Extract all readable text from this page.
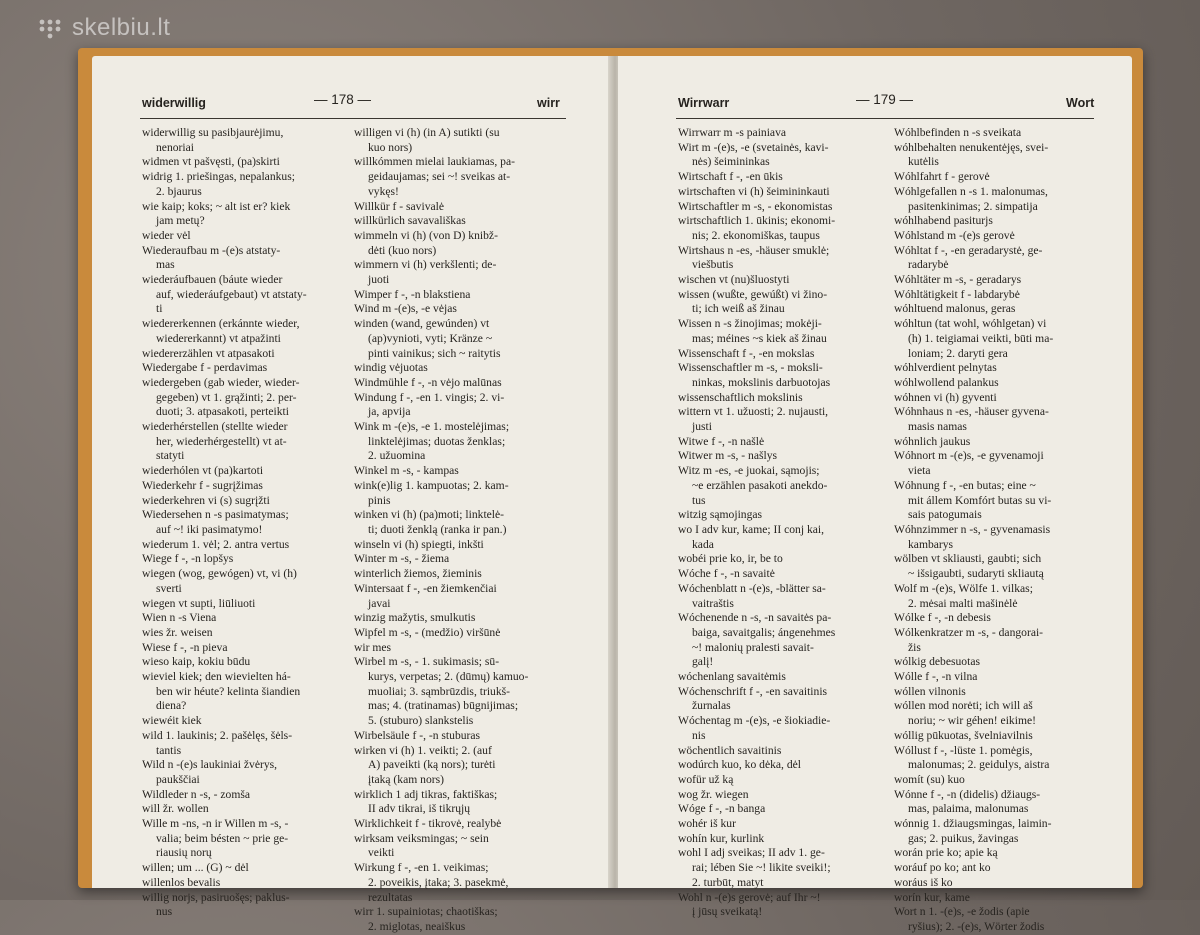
skelbiu.lt
widerwillig	— 178 —	wirr

widerwillig su pasibjaurėjimu,

nenoriai

widmen vt pašvęsti, (pa)skirti

widrig 1. priešingas, nepalankus;

2. bjaurus

wie kaip; koks; ~ alt ist er? kiek

jam metų?

wieder vėl

Wiederaufbau m -(e)s atstaty-

mas

wiederáufbauen (báute wieder

auf, wiederáufgebaut) vt atstaty-

ti

wiedererkennen (erkánnte wieder,

wiedererkannt) vt atpažinti

wiedererzählen vt atpasakoti

Wiedergabe f - perdavimas

wiedergeben (gab wieder, wieder-

gegeben) vt 1. grąžinti; 2. per-

duoti; 3. atpasakoti, perteikti

wiederhérstellen (stellte wieder

her, wiederhérgestellt) vt at-

statyti

wiederhólen vt (pa)kartoti

Wiederkehr f - sugrįžimas

wiederkehren vi (s) sugrįžti

Wiedersehen n -s pasimatymas;

auf ~! iki pasimatymo!

wiederum 1. vėl; 2. antra vertus

Wiege f -, -n lopšys

wiegen (wog, gewógen) vt, vi (h)

sverti

wiegen vt supti, liūliuoti

Wien n -s Viena

wies žr. weisen

Wiese f -, -n pieva

wieso kaip, kokiu būdu

wieviel kiek; den wievielten há-

ben wir héute? kelinta šiandien

diena?

wiewéit kiek

wild 1. laukinis; 2. pašėlęs, šėls-

tantis

Wild n -(e)s laukiniai žvėrys,

paukščiai

Wildleder n -s, - zomša

will žr. wollen

Wille m -ns, -n ir Willen m -s, -

valia; beim bésten ~ prie ge-

riausių norų

willen; um ... (G) ~ dėl

willenlos bevalis

willig norjs, pasiruošęs; paklus-

nus

willigen vi (h) (in A) sutikti (su

kuo nors)

willkómmen mielai laukiamas, pa-

geidaujamas; sei ~! sveikas at-

vykęs!

Willkür f - savivalė

willkürlich savavališkas

wimmeln vi (h) (von D) knibž-

dėti (kuo nors)

wimmern vi (h) verkšlenti; de-

juoti

Wimper f -, -n blakstiena

Wind m -(e)s, -e vėjas

winden (wand, gewúnden) vt

(ap)vynioti, vyti; Kränze ~

pinti vainikus; sich ~ raitytis

windig vėjuotas

Windmühle f -, -n vėjo malūnas

Windung f -, -en 1. vingis; 2. vi-

ja, apvija

Wink m -(e)s, -e 1. mostelėjimas;

linktelėjimas; duotas ženklas;

2. užuomina

Winkel m -s, - kampas

wink(e)lig 1. kampuotas; 2. kam-

pinis

winken vi (h) (pa)moti; linktelė-

ti; duoti ženklą (ranka ir pan.)

winseln vi (h) spiegti, inkšti

Winter m -s, - žiema

winterlich žiemos, žieminis

Wintersaat f -, -en žiemkenčiai

javai

winzig mažytis, smulkutis

Wipfel m -s, - (medžio) viršūnė

wir mes

Wirbel m -s, - 1. sukimasis; sū-

kurys, verpetas; 2. (dūmų) kamuo-

muoliai; 3. sąmbrūzdis, triukš-

mas; 4. (tratinamas) būgnijimas;

5. (stuburo) slankstelis

Wirbelsäule f -, -n stuburas

wirken vi (h) 1. veikti; 2. (auf

A) paveikti (ką nors); turėti

įtaką (kam nors)

wirklich 1 adj tikras, faktiškas;

II adv tikrai, iš tikrųjų

Wirklichkeit f - tikrovė, realybė

wirksam veiksmingas; ~ sein

veikti

Wirkung f -, -en 1. veikimas;

2. poveikis, įtaka; 3. pasekmė,

rezultatas

wirr 1. supainiotas; chaotiškas;

2. miglotas, neaiškus

Wirrwarr	— 179 —	Wort

Wirrwarr m -s painiava

Wirt m -(e)s, -e (svetainės, kavi-

nės) šeimininkas

Wirtschaft f -, -en ūkis

wirtschaften vi (h) šeimininkauti

Wirtschaftler m -s, - ekonomistas

wirtschaftlich 1. ūkinis; ekonomi-

nis; 2. ekonomiškas, taupus

Wirtshaus n -es, -häuser smuklė;

viešbutis

wischen vt (nu)šluostyti

wissen (wußte, gewúßt) vi žino-

ti; ich weiß aš žinau

Wissen n -s žinojimas; mokėji-

mas; méines ~s kiek aš žinau

Wissenschaft f -, -en mokslas

Wissenschaftler m -s, - moksli-

ninkas, mokslinis darbuotojas

wissenschaftlich mokslinis

wittern vt 1. užuosti; 2. nujausti,

justi

Witwe f -, -n našlė

Witwer m -s, - našlys

Witz m -es, -e juokai, sąmojis;

~e erzählen pasakoti anekdo-

tus

witzig sąmojingas

wo I adv kur, kame; II conj kai,

kada

wobéi prie ko, ir, be to

Wóche f -, -n savaitė

Wóchenblatt n -(e)s, -blätter sa-

vaitraštis

Wóchenende n -s, -n savaitės pa-

baiga, savaitgalis; ángenehmes

~! malonių pralesti savait-

galį!

wóchenlang savaitėmis

Wóchenschrift f -, -en savaitinis

žurnalas

Wóchentag m -(e)s, -e šiokiadie-

nis

wöchentlich savaitinis

wodúrch kuo, ko dėka, dėl

wofür už ką

wog žr. wiegen

Wóge f -, -n banga

wohér iš kur

wohín kur, kurlink

wohl I adj sveikas; II adv 1. ge-

rai; lében Sie ~! likite sveiki!;

2. turbūt, matyt

Wohl n -(e)s gerovė; auf Ihr ~!

į jūsų sveikatą!

Wóhlbefinden n -s sveikata

wóhlbehalten nenukentėjęs, svei-

kutėlis

Wóhlfahrt f - gerovė

Wóhlgefallen n -s 1. malonumas,

pasitenkinimas; 2. simpatija

wóhlhabend pasiturjs

Wóhlstand m -(e)s gerovė

Wóhltat f -, -en geradarystė, ge-

radarybė

Wóhltäter m -s, - geradarys

Wóhltätigkeit f - labdarybė

wóhltuend malonus, geras

wóhltun (tat wohl, wóhlgetan) vi

(h) 1. teigiamai veikti, būti ma-

loniam; 2. daryti gera

wóhlverdient pelnytas

wóhlwollend palankus

wóhnen vi (h) gyventi

Wóhnhaus n -es, -häuser gyvena-

masis namas

wóhnlich jaukus

Wóhnort m -(e)s, -e gyvenamoji

vieta

Wóhnung f -, -en butas; eine ~

mit állem Komfórt butas su vi-

sais patogumais

Wóhnzimmer n -s, - gyvenamasis

kambarys

wölben vt skliausti, gaubti; sich

~ išsigaubti, sudaryti skliautą

Wolf m -(e)s, Wölfe 1. vilkas;

2. mėsai malti mašinėlė

Wólke f -, -n debesis

Wólkenkratzer m -s, - dangorai-

žis

wólkig debesuotas

Wólle f -, -n vilna

wóllen vilnonis

wóllen mod norėti; ich will aš

noriu; ~ wir géhen! eikime!

wóllig pūkuotas, švelniavilnis

Wóllust f -, -lüste 1. pomėgis,

malonumas; 2. geidulys, aistra

womít (su) kuo

Wónne f -, -n (didelis) džiaugs-

mas, palaima, malonumas

wónnig 1. džiaugsmingas, laimin-

gas; 2. puikus, žavingas

worán prie ko; apie ką

woráuf po ko; ant ko

woráus iš ko

worín kur, kame

Wort n 1. -(e)s, -e žodis (apie

ryšius); 2. -(e)s, Wörter žodis
